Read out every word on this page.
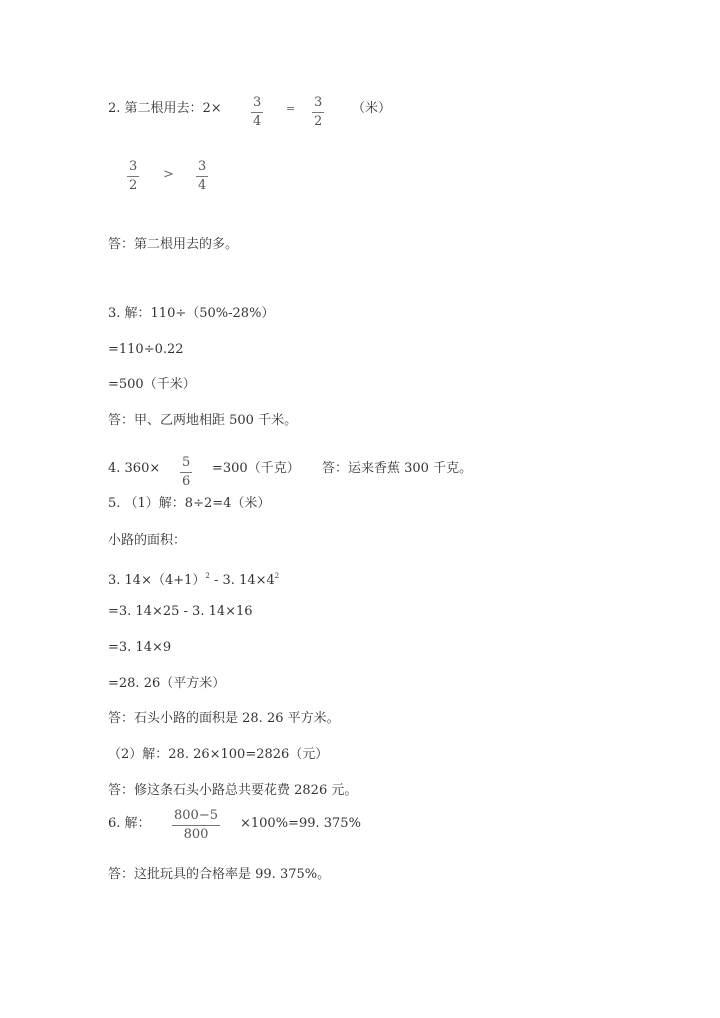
2. 第二根用去：2× 3
4
= 3
2
（米）
3
2
>
3
4
答：第二根用去的多。
3. 解：110÷（50%-28%）
=110÷0.22
=500（千米）
答：甲、乙两地相距 500 千米。
4. 360× 5
6
=300（千克） 答：运来香蕉 300 千克。
5. （1）解：8÷2=4（米）
小路的面积：
3. $14\times(4+1)^2 - 3$. $14\times 4^2$
=3. 14×25 - 3. 14×16
=3. 14×9
=28. 26（平方米）
答：石头小路的面积是 28. 26 平方米。
（2）解：28. 26×100=2826（元）
答：修这条石头小路总共要花费 2826 元。
6. 解：
800−5
800
×100%=99. 375%
答：这批玩具的合格率是 99. 375%。
